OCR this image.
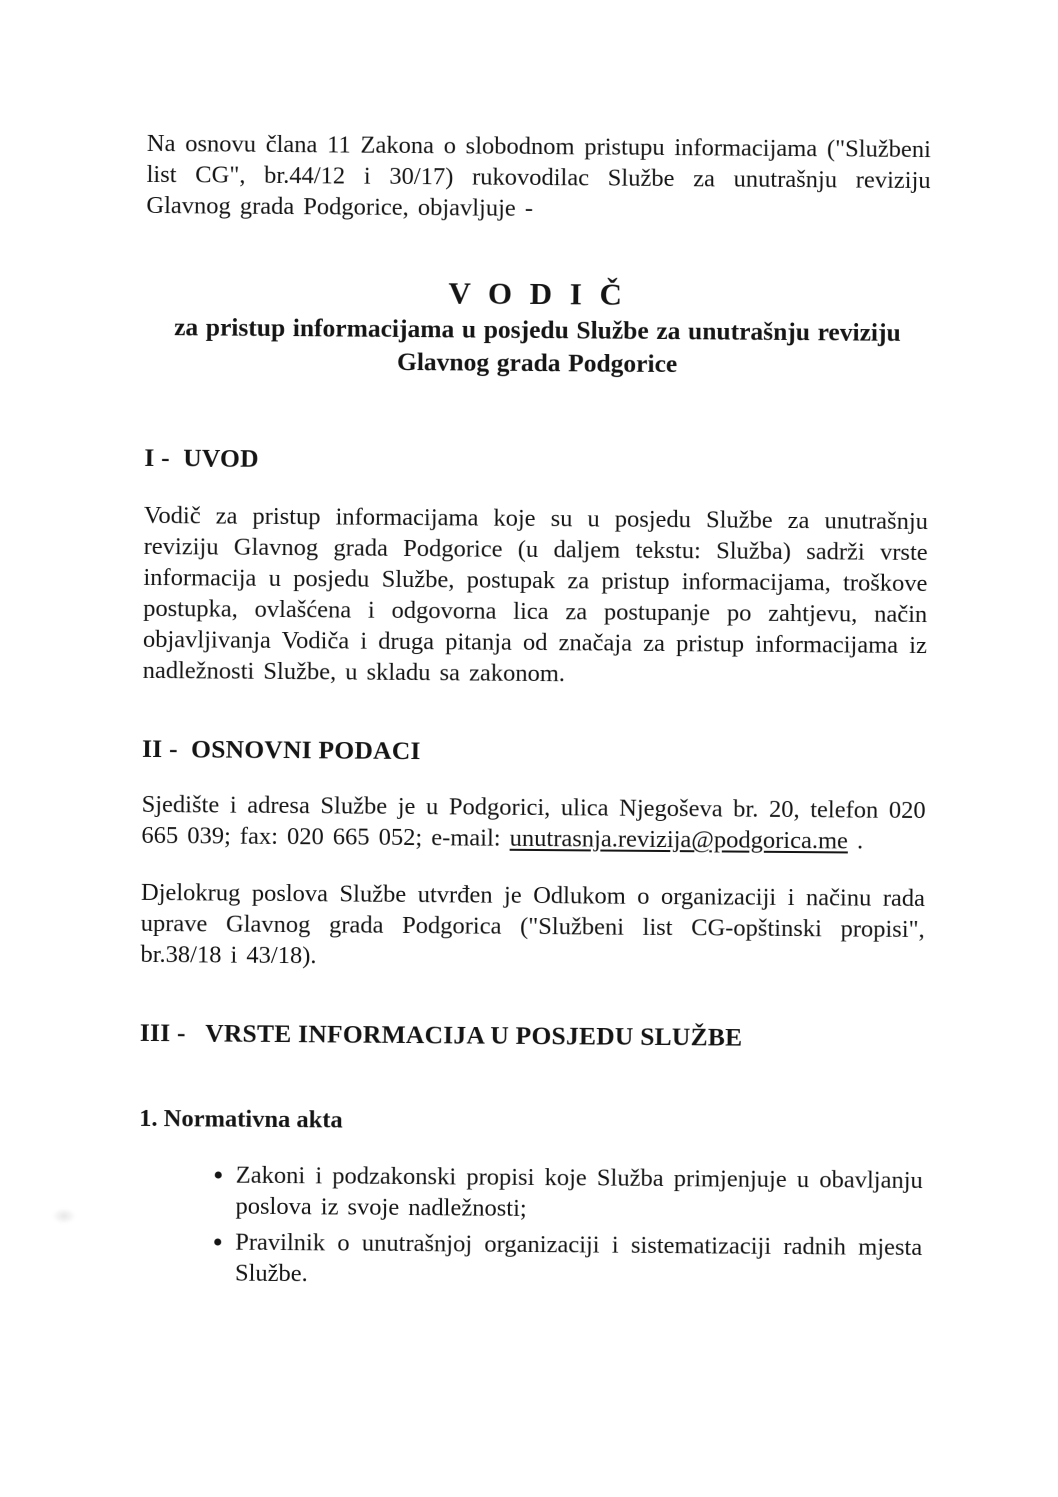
Na osnovu člana 11 Zakona o slobodnom pristupu informacijama ("Službeni list CG", br.44/12 i 30/17) rukovodilac Službe za unutrašnju reviziju Glavnog grada Podgorice, objavljuje -

V O D I Č
za pristup informacijama u posjedu Službe za unutrašnju reviziju
Glavnog grada Podgorice
I -  UVOD

Vodič za pristup informacijama koje su u posjedu Službe za unutrašnju reviziju Glavnog grada Podgorice (u daljem tekstu: Služba) sadrži vrste informacija u posjedu Službe, postupak za pristup informacijama, troškove postupka, ovlašćena i odgovorna lica za postupanje po zahtjevu, način objavljivanja Vodiča i druga pitanja od značaja za pristup informacijama iz nadležnosti Službe, u skladu sa zakonom.

II -  OSNOVNI PODACI

Sjedište i adresa Službe je u Podgorici, ulica Njegoševa br. 20, telefon 020 665 039; fax: 020 665 052; e-mail: unutrasnja.revizija@podgorica.me .

Djelokrug poslova Službe utvrđen je Odlukom o organizaciji i načinu rada uprave Glavnog grada Podgorica ("Službeni list CG-opštinski propisi", br.38/18 i 43/18).

III -   VRSTE INFORMACIJA U POSJEDU SLUŽBE
1. Normativna akta
• Zakoni i podzakonski propisi koje Služba primjenjuje u obavljanju poslova iz svoje nadležnosti;
• Pravilnik o unutrašnjoj organizaciji i sistematizaciji radnih mjesta Službe.
